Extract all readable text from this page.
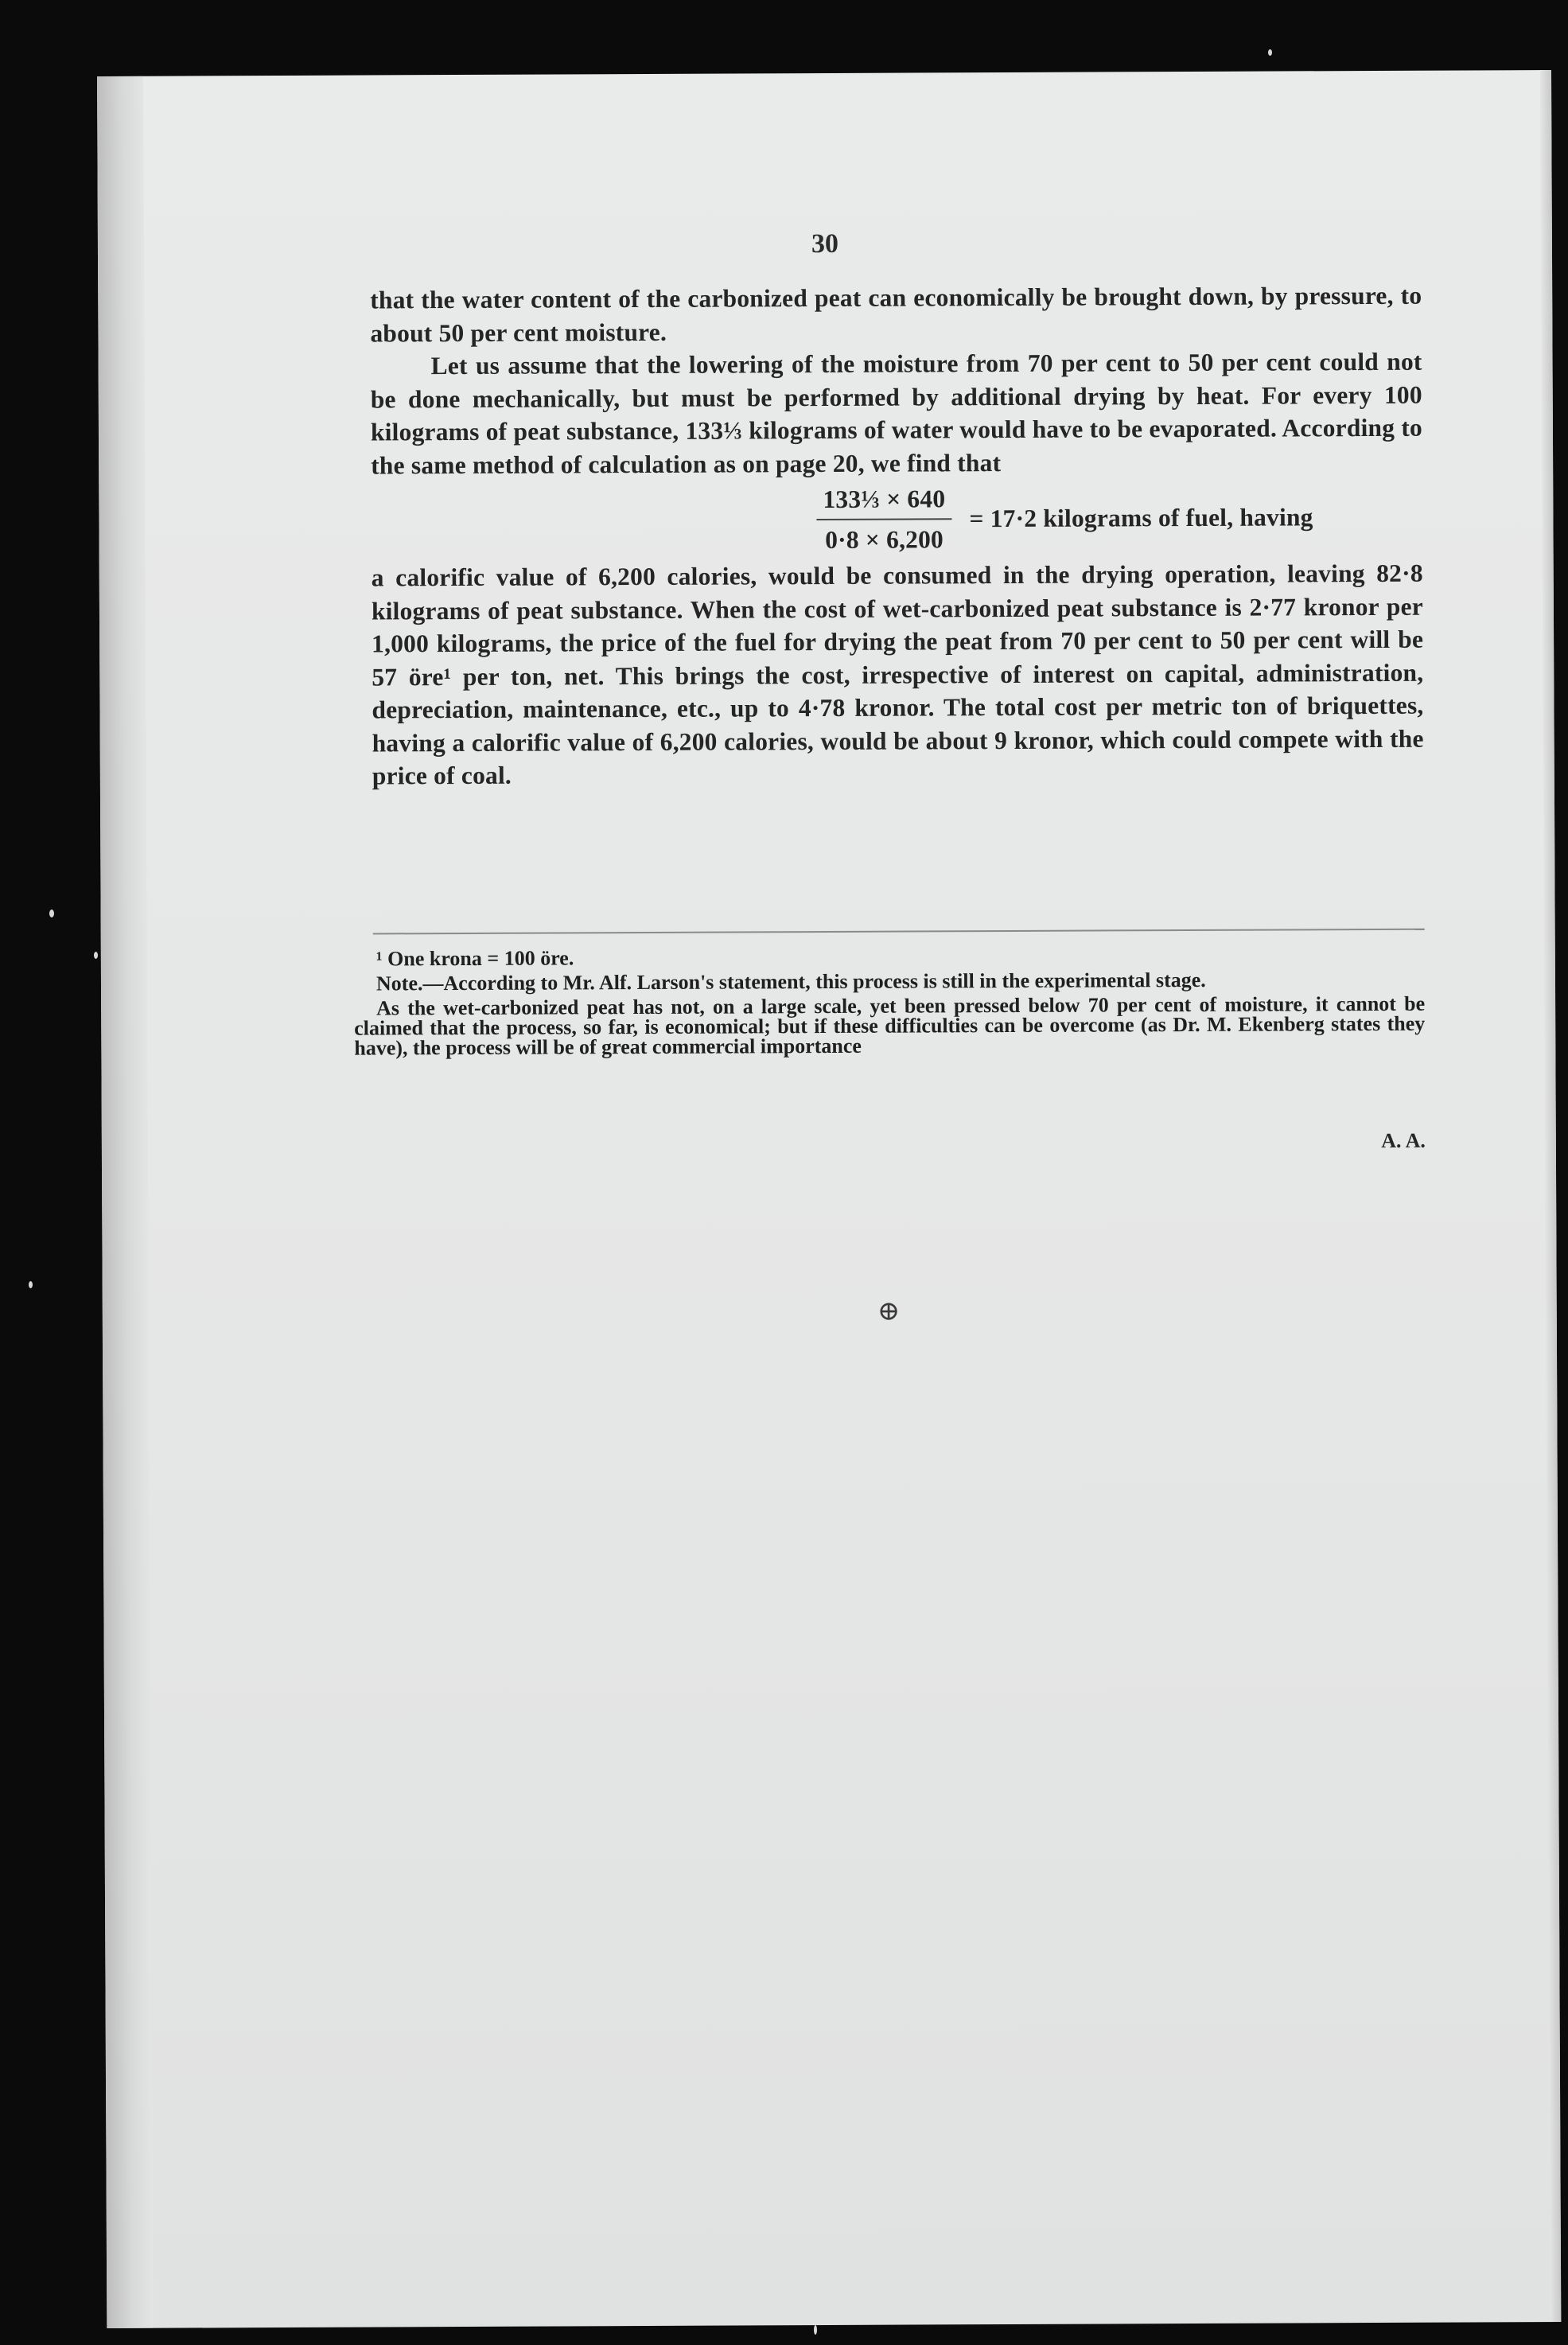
30

that the water content of the carbonized peat can economically be brought down, by pressure, to about 50 per cent moisture.

Let us assume that the lowering of the moisture from 70 per cent to 50 per cent could not be done mechanically, but must be performed by additional drying by heat. For every 100 kilograms of peat substance, 133⅓ kilograms of water would have to be evaporated. According to the same method of calculation as on page 20, we find that

$\frac{\text{133⅓ × 640}}{0\cdot 8 \times 6,200} = 17\cdot 2$ kilograms of fuel, having

a calorific value of 6,200 calories, would be consumed in the drying operation, leaving 82·8 kilograms of peat substance. When the cost of wet-carbonized peat substance is 2·77 kronor per 1,000 kilograms, the price of the fuel for drying the peat from 70 per cent to 50 per cent will be 57 öre¹ per ton, net. This brings the cost, irrespective of interest on capital, administration, depreciation, maintenance, etc., up to 4·78 kronor. The total cost per metric ton of briquettes, having a calorific value of 6,200 calories, would be about 9 kronor, which could compete with the price of coal.

¹ One krona = 100 öre.

Note.—According to Mr. Alf. Larson's statement, this process is still in the experimental stage.

As the wet-carbonized peat has not, on a large scale, yet been pressed below 70 per cent of moisture, it cannot be claimed that the process, so far, is economical; but if these difficulties can be overcome (as Dr. M. Ekenberg states they have), the process will be of great commercial importance

A. A.
⊕
